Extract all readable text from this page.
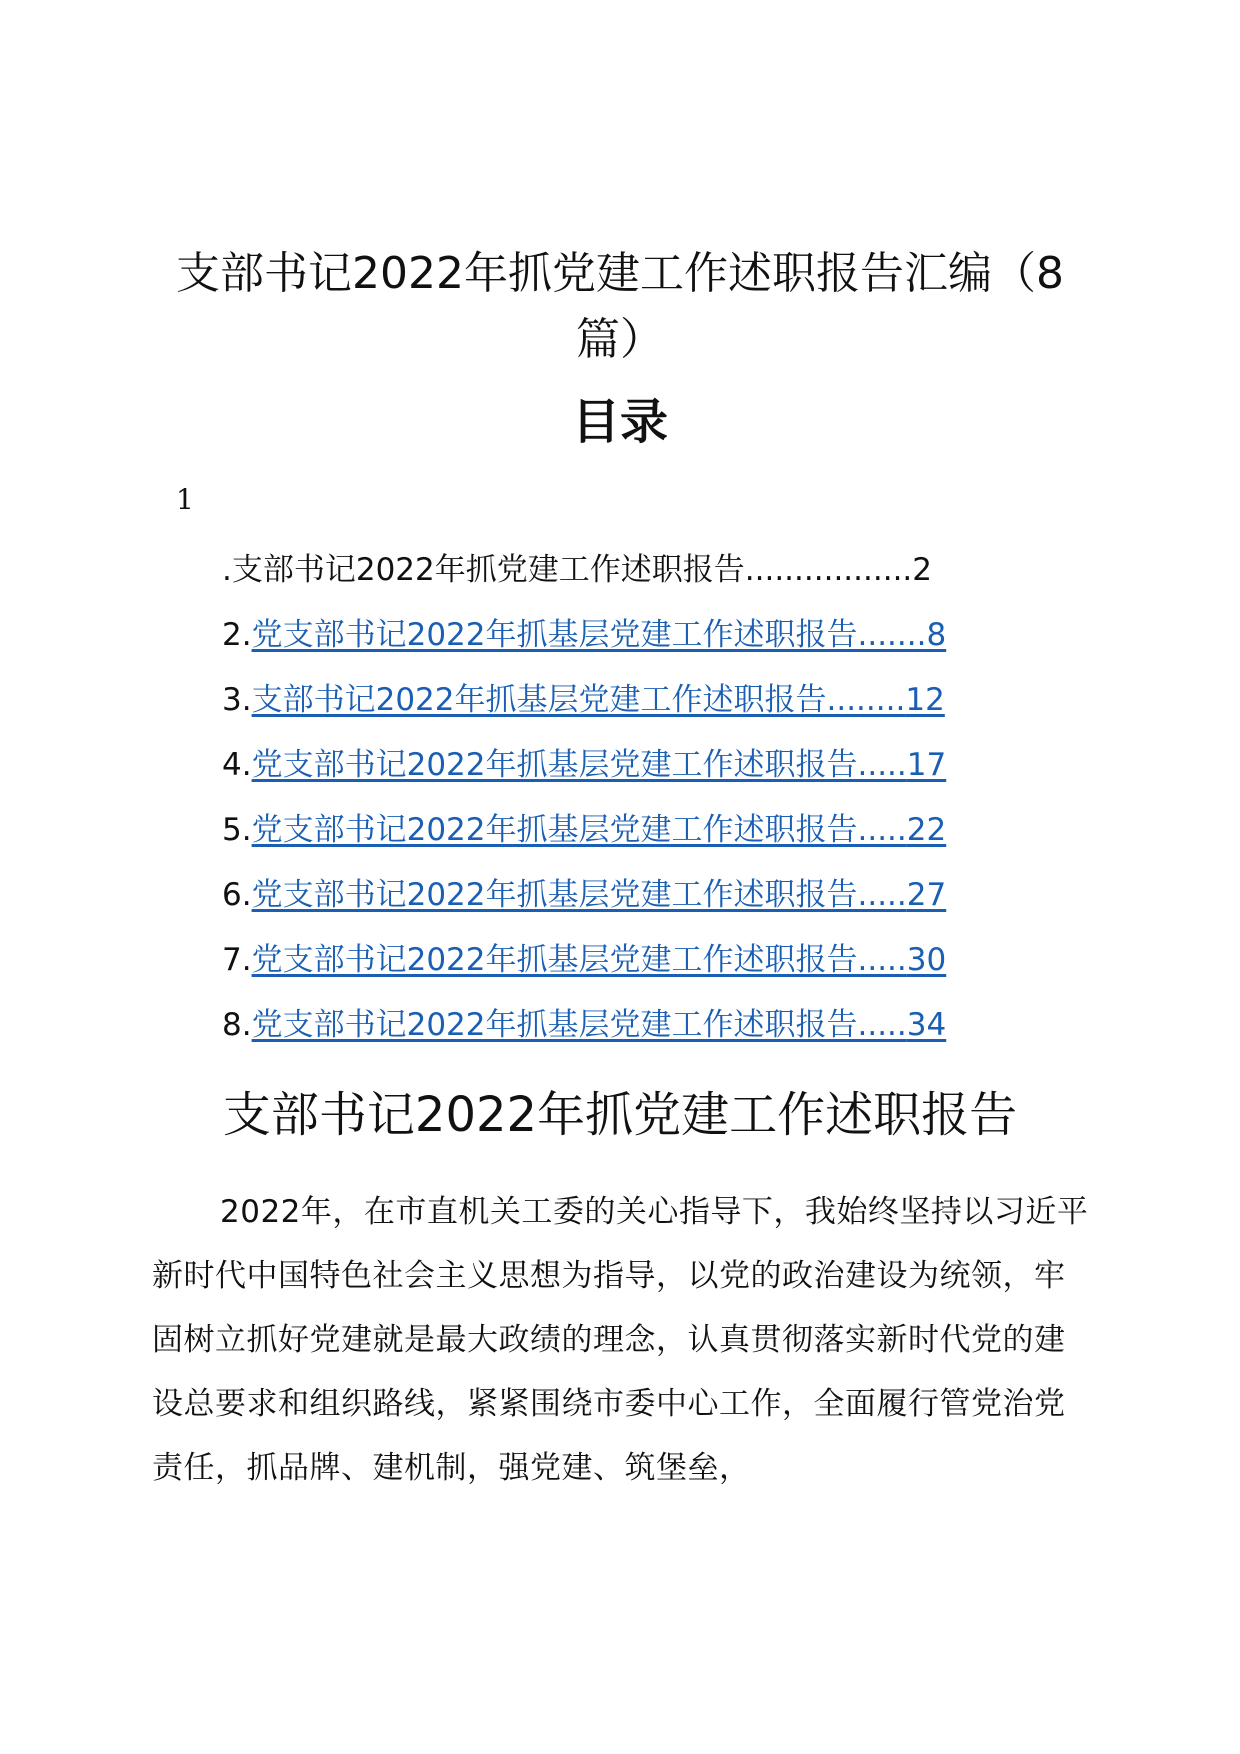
支部书记2022年抓党建工作述职报告汇编（8篇）
目录
1
.支部书记2022年抓党建工作述职报告.................2
2.党支部书记2022年抓基层党建工作述职报告.......8
3.支部书记2022年抓基层党建工作述职报告........12
4.党支部书记2022年抓基层党建工作述职报告.....17
5.党支部书记2022年抓基层党建工作述职报告.....22
6.党支部书记2022年抓基层党建工作述职报告.....27
7.党支部书记2022年抓基层党建工作述职报告.....30
8.党支部书记2022年抓基层党建工作述职报告.....34
支部书记2022年抓党建工作述职报告

2022年，在市直机关工委的关心指导下，我始终坚持以习近平新时代中国特色社会主义思想为指导，以党的政治建设为统领，牢固树立抓好党建就是最大政绩的理念，认真贯彻落实新时代党的建设总要求和组织路线，紧紧围绕市委中心工作，全面履行管党治党责任，抓品牌、建机制，强党建、筑堡垒，
